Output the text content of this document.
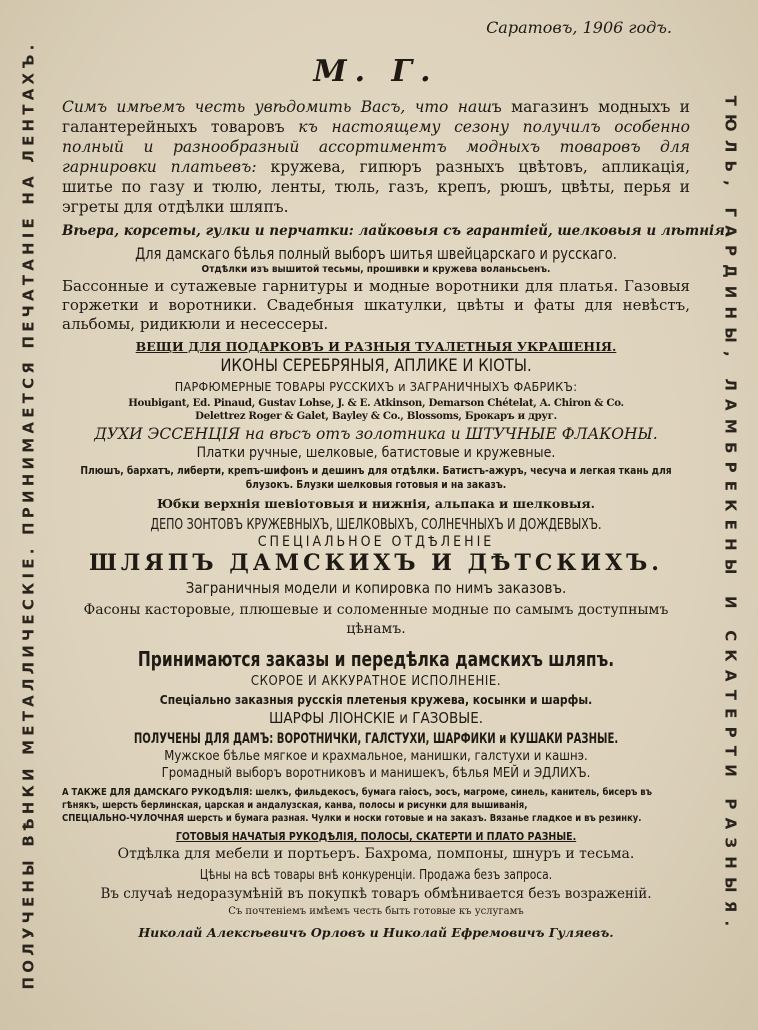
ПОЛУЧЕНЫ ВѢНКИ МЕТАЛЛИЧЕСКІЕ. ПРИНИМАЕТСЯ ПЕЧАТАНІЕ НА ЛЕНТАХЪ.	ТЮЛЬ, ГАРДИНЫ, ЛАМБРЕКЕНЫ И СКАТЕРТИ РАЗНЫЯ.
Саратовъ, 1906 годъ.
М. Г.

Симъ имѣемъ честь увѣдомить Васъ, что нашъ магазинъ модныхъ и галантерейныхъ товаровъ къ настоящему сезону получилъ особенно полный и разнообразный ассортиментъ модныхъ товаровъ для гарнировки платьевъ: кружева, гипюръ разныхъ цвѣтовъ, апликація, шитье по газу и тюлю, ленты, тюль, газъ, крепъ, рюшъ, цвѣты, перья и эгреты для отдѣлки шляпъ.

Вѣера, корсеты, гулки и перчатки: лайковыя съ гарантіей, шелковыя и лѣтнія.

Для дамскаго бѣлья полный выборъ шитья швейцарскаго и русскаго.

Отдѣлки изъ вышитой тесьмы, прошивки и кружева воланьсьенъ.

Бассонные и сутажевые гарнитуры и модные воротники для платья. Газовыя горжетки и воротники. Свадебныя шкатулки, цвѣты и фаты для невѣстъ, альбомы, ридикюли и несессеры.

ВЕЩИ ДЛЯ ПОДАРКОВЪ И РАЗНЫЯ ТУАЛЕТНЫЯ УКРАШЕНІЯ.

ИКОНЫ СЕРЕБРЯНЫЯ, АПЛИКЕ И КІОТЫ.

ПАРФЮМЕРНЫЕ ТОВАРЫ РУССКИХЪ и ЗАГРАНИЧНЫХЪ ФАБРИКЪ:

Houbigant, Ed. Pinaud, Gustav Lohse, J. & E. Atkinson, Demarson Chételat, A. Chiron & Co.

Delettrez Roger & Galet, Bayley & Co., Blossoms, Брокаръ и друг.

ДУХИ ЭССЕНЦІЯ на вѣсъ отъ золотника и ШТУЧНЫЕ ФЛАКОНЫ.

Платки ручные, шелковые, батистовые и кружевные.

Плюшъ, бархатъ, либерти, крепъ-шифонъ и дешинъ для отдѣлки. Батистъ-ажуръ, чесуча и легкая ткань для блузокъ. Блузки шелковыя готовыя и на заказъ.

Юбки верхнія шевіотовыя и нижнія, альпака и шелковыя.

ДЕПО ЗОНТОВЪ КРУЖЕВНЫХЪ, ШЕЛКОВЫХЪ, СОЛНЕЧНЫХЪ И ДОЖДЕВЫХЪ.

СПЕЦІАЛЬНОЕ ОТДѢЛЕНІЕ

ШЛЯПЪ ДАМСКИХЪ И ДѢТСКИХЪ.

Заграничныя модели и копировка по нимъ заказовъ.

Фасоны касторовые, плюшевые и соломенные модные по самымъ доступнымъ цѣнамъ.

Принимаются заказы и передѣлка дамскихъ шляпъ.

СКОРОЕ И АККУРАТНОЕ ИСПОЛНЕНІЕ.

Спеціально заказныя русскія плетеныя кружева, косынки и шарфы.

ШАРФЫ ЛІОНСКІЕ и ГАЗОВЫЕ.

ПОЛУЧЕНЫ ДЛЯ ДАМЪ: ВОРОТНИЧКИ, ГАЛСТУХИ, ШАРФИКИ и КУШАКИ РАЗНЫЕ.

Мужское бѣлье мягкое и крахмальное, манишки, галстухи и кашнэ.

Громадный выборъ воротниковъ и манишекъ, бѣлья МЕЙ и ЭДЛИХЪ.

А ТАКЖЕ ДЛЯ ДАМСКАГО РУКОДѢЛІЯ: шелкъ, фильдекосъ, бумага гаіосъ, эосъ, магроме, синель, канитель, бисеръ въ гѣнякъ, шерсть берлинская, царская и андалузская, канва, полосы и рисунки для вышиванія,

СПЕЦІАЛЬНО-ЧУЛОЧНАЯ шерсть и бумага разная. Чулки и носки готовые и на заказъ. Вязанье гладкое и въ резинку.

ГОТОВЫЯ НАЧАТЫЯ РУКОДѢЛІЯ, ПОЛОСЫ, СКАТЕРТИ И ПЛАТО РАЗНЫЕ.

Отдѣлка для мебели и портьеръ. Бахрома, помпоны, шнуръ и тесьма.

Цѣны на всѣ товары внѣ конкуренціи. Продажа безъ запроса.

Въ случаѣ недоразумѣній въ покупкѣ товаръ обмѣнивается безъ возраженій.

Съ почтеніемъ имѣемъ честь быть готовые къ услугамъ

Николай Алексѣевичъ Орловъ и Николай Ефремовичъ Гуляевъ.
